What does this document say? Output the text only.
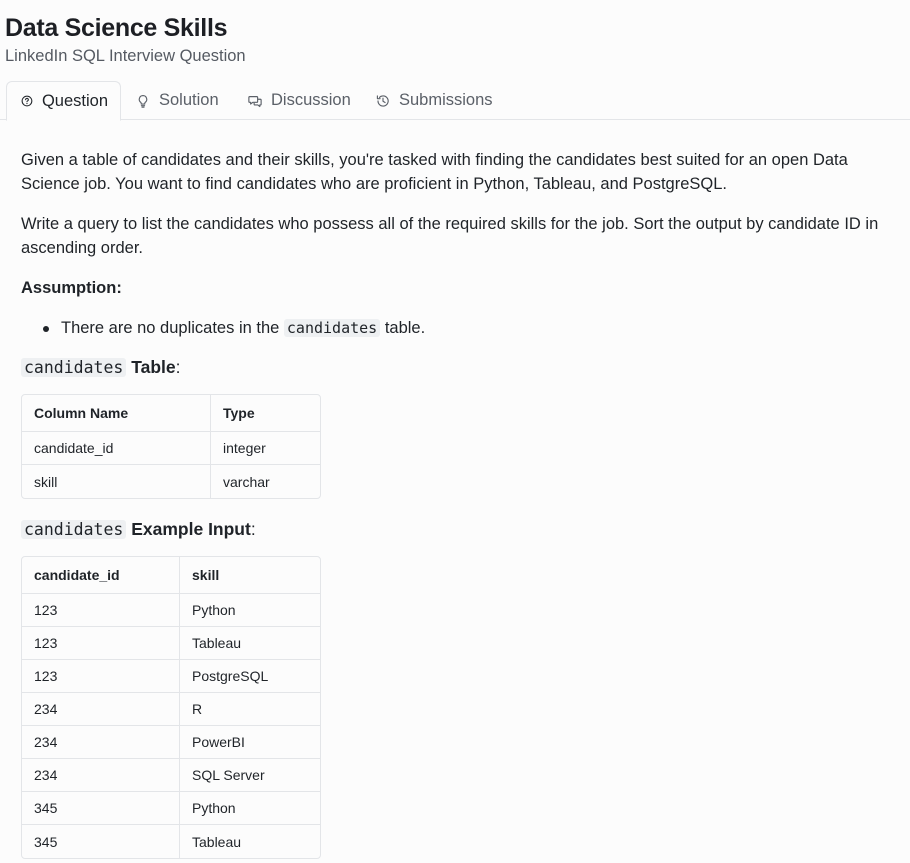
Data Science Skills
LinkedIn SQL Interview Question
Question	Solution	Discussion	Submissions

Given a table of candidates and their skills, you're tasked with finding the candidates best suited for an open Data Science job. You want to find candidates who are proficient in Python, Tableau, and PostgreSQL.

Write a query to list the candidates who possess all of the required skills for the job. Sort the output by candidate ID in ascending order.

Assumption:
There are no duplicates in the candidates table.
candidates Table:
Column Name	Type
candidate_id	integer
skill	varchar
candidates Example Input:
candidate_id	skill
123	Python
123	Tableau
123	PostgreSQL
234	R
234	PowerBI
234	SQL Server
345	Python
345	Tableau
